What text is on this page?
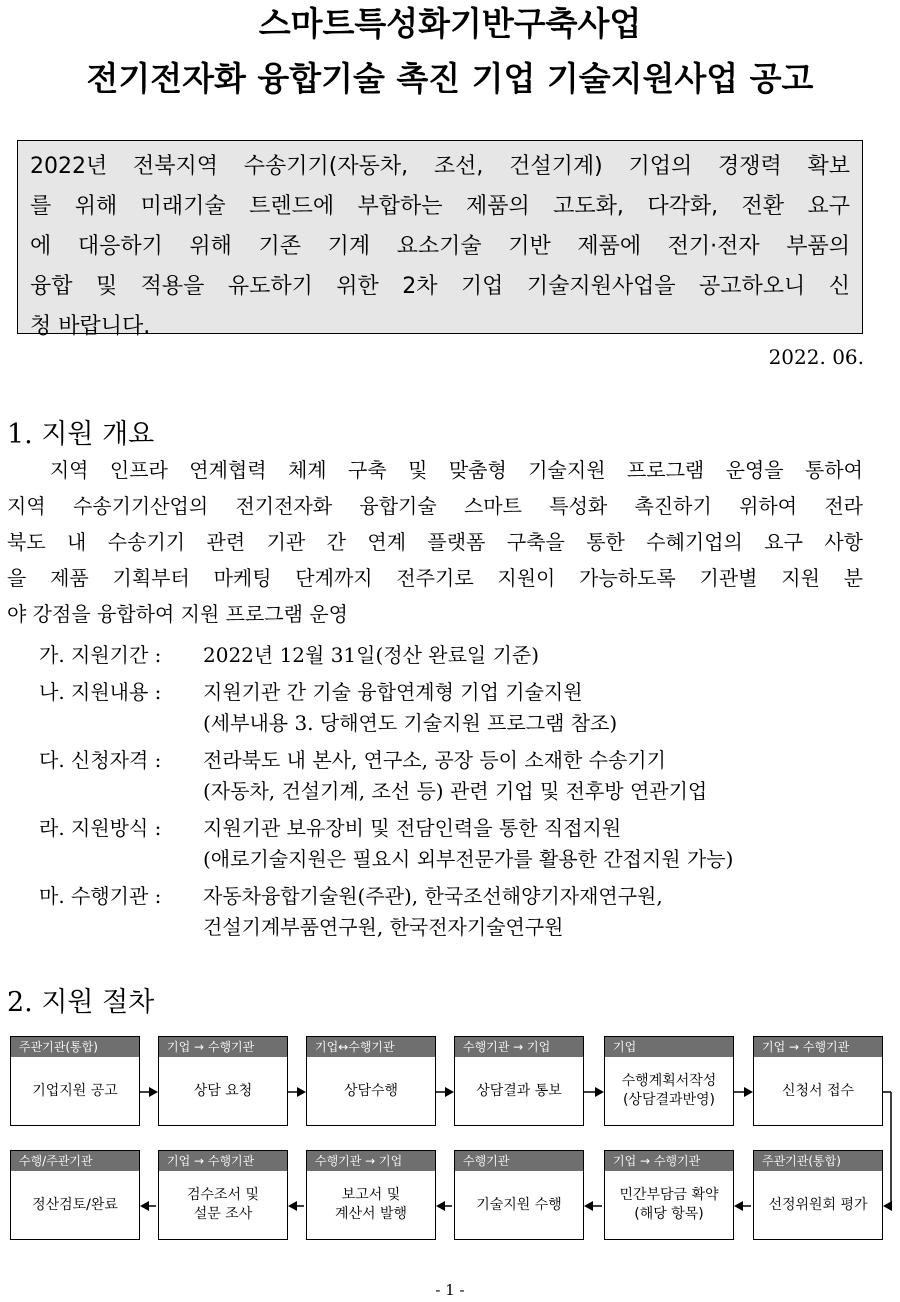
스마트특성화기반구축사업
전기전자화 융합기술 촉진 기업 기술지원사업 공고
2022년 전북지역 수송기기(자동차, 조선, 건설기계) 기업의 경쟁력 확보
를 위해 미래기술 트렌드에 부합하는 제품의 고도화, 다각화, 전환 요구
에 대응하기 위해 기존 기계 요소기술 기반 제품에 전기·전자 부품의
융합 및 적용을 유도하기 위한 2차 기업 기술지원사업을 공고하오니 신
청 바랍니다.
2022. 06.
1. 지원 개요
지역 인프라 연계협력 체계 구축 및 맞춤형 기술지원 프로그램 운영을 통하여
지역 수송기기산업의 전기전자화 융합기술 스마트 특성화 촉진하기 위하여 전라
북도 내 수송기기 관련 기관 간 연계 플랫폼 구축을 통한 수혜기업의 요구 사항
을 제품 기획부터 마케팅 단계까지 전주기로 지원이 가능하도록 기관별 지원 분
야 강점을 융합하여 지원 프로그램 운영
가. 지원기간 :	2022년 12월 31일(정산 완료일 기준)
나. 지원내용 :	지원기관 간 기술 융합연계형 기업 기술지원
(세부내용 3. 당해연도 기술지원 프로그램 참조)
다. 신청자격 :	전라북도 내 본사, 연구소, 공장 등이 소재한 수송기기
(자동차, 건설기계, 조선 등) 관련 기업 및 전후방 연관기업
라. 지원방식 :	지원기관 보유장비 및 전담인력을 통한 직접지원
(애로기술지원은 필요시 외부전문가를 활용한 간접지원 가능)
마. 수행기관 :	자동차융합기술원(주관), 한국조선해양기자재연구원,
건설기계부품연구원, 한국전자기술연구원
2. 지원 절차
주관기관(통합)
기업지원 공고
기업 → 수행기관
상담 요청
기업↔수행기관
상담수행
수행기관 → 기업
상담결과 통보
기업
수행계획서작성
(상담결과반영)
기업 → 수행기관
신청서 접수
수행/주관기관
정산검토/완료
기업 → 수행기관
검수조서 및
설문 조사
수행기관 → 기업
보고서 및
계산서 발행
수행기관
기술지원 수행
기업 → 수행기관
민간부담금 확약
(해당 항목)
주관기관(통합)
선정위원회 평가
- 1 -
